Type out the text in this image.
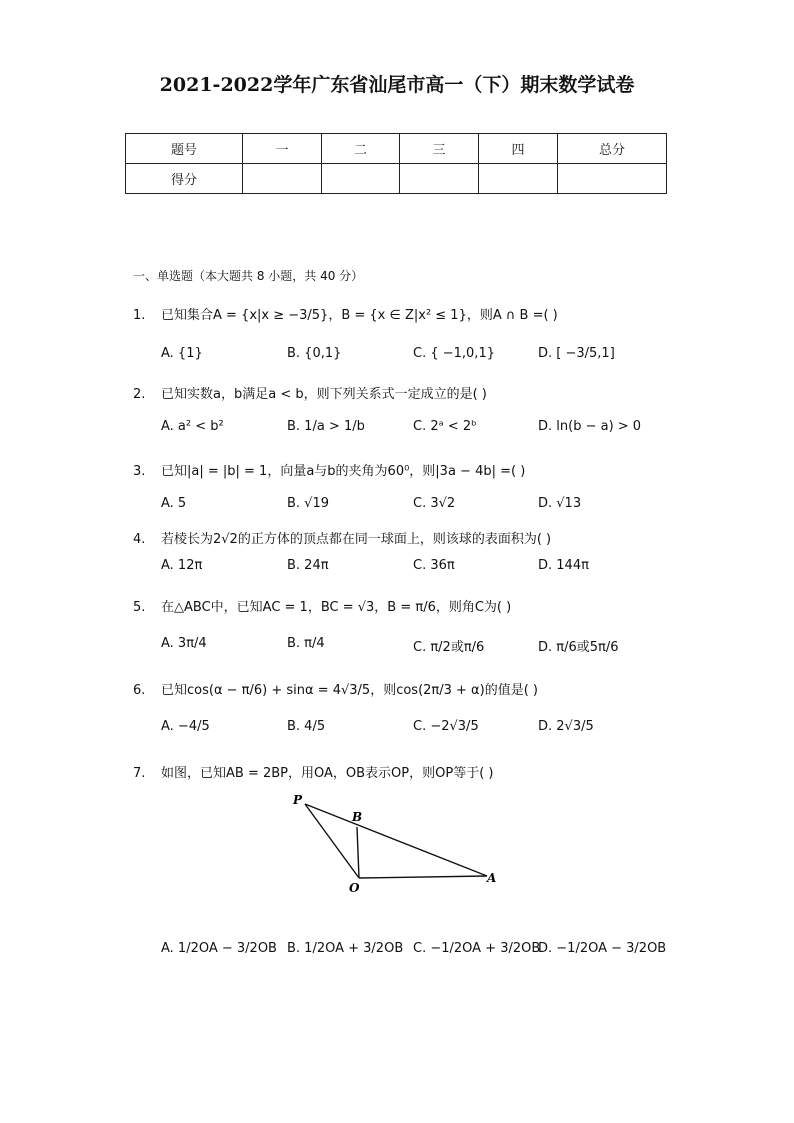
2021-2022学年广东省汕尾市高一（下）期末数学试卷
题号	一	二	三	四	总分
得分					
一、单选题（本大题共 8 小题，共 40 分）
1. 已知集合A = {x|x ≥ −3/5}，B = {x ∈ Z|x² ≤ 1}，则A ∩ B =( )
A. {1}	B. {0,1}	C. { −1,0,1}	D. [ −3/5,1]
2. 已知实数a，b满足a < b，则下列关系式一定成立的是( )
A. a² < b²	B. 1/a > 1/b	C. 2ᵃ < 2ᵇ	D. ln(b − a) > 0
3. 已知|a| = |b| = 1，向量a与b的夹角为60⁰，则|3a − 4b| =( )
A. 5	B. √19	C. 3√2	D. √13
4. 若棱长为2√2的正方体的顶点都在同一球面上，则该球的表面积为( )
A. 12π	B. 24π	C. 36π	D. 144π
5. 在△ABC中，已知AC = 1，BC = √3，B = π/6，则角C为( )
A. 3π/4	B. π/4	C. π/2或π/6	D. π/6或5π/6
6. 已知cos(α − π/6) + sinα = 4√3/5，则cos(2π/3 + α)的值是( )
A. −4/5	B. 4/5	C. −2√3/5	D. 2√3/5
7. 如图，已知AB = 2BP，用OA，OB表示OP，则OP等于( )
P
B
O
A
A. 1/2OA − 3/2OB B. 1/2OA + 3/2OB C. −1/2OA + 3/2OB
D. −1/2OA − 3/2OB
